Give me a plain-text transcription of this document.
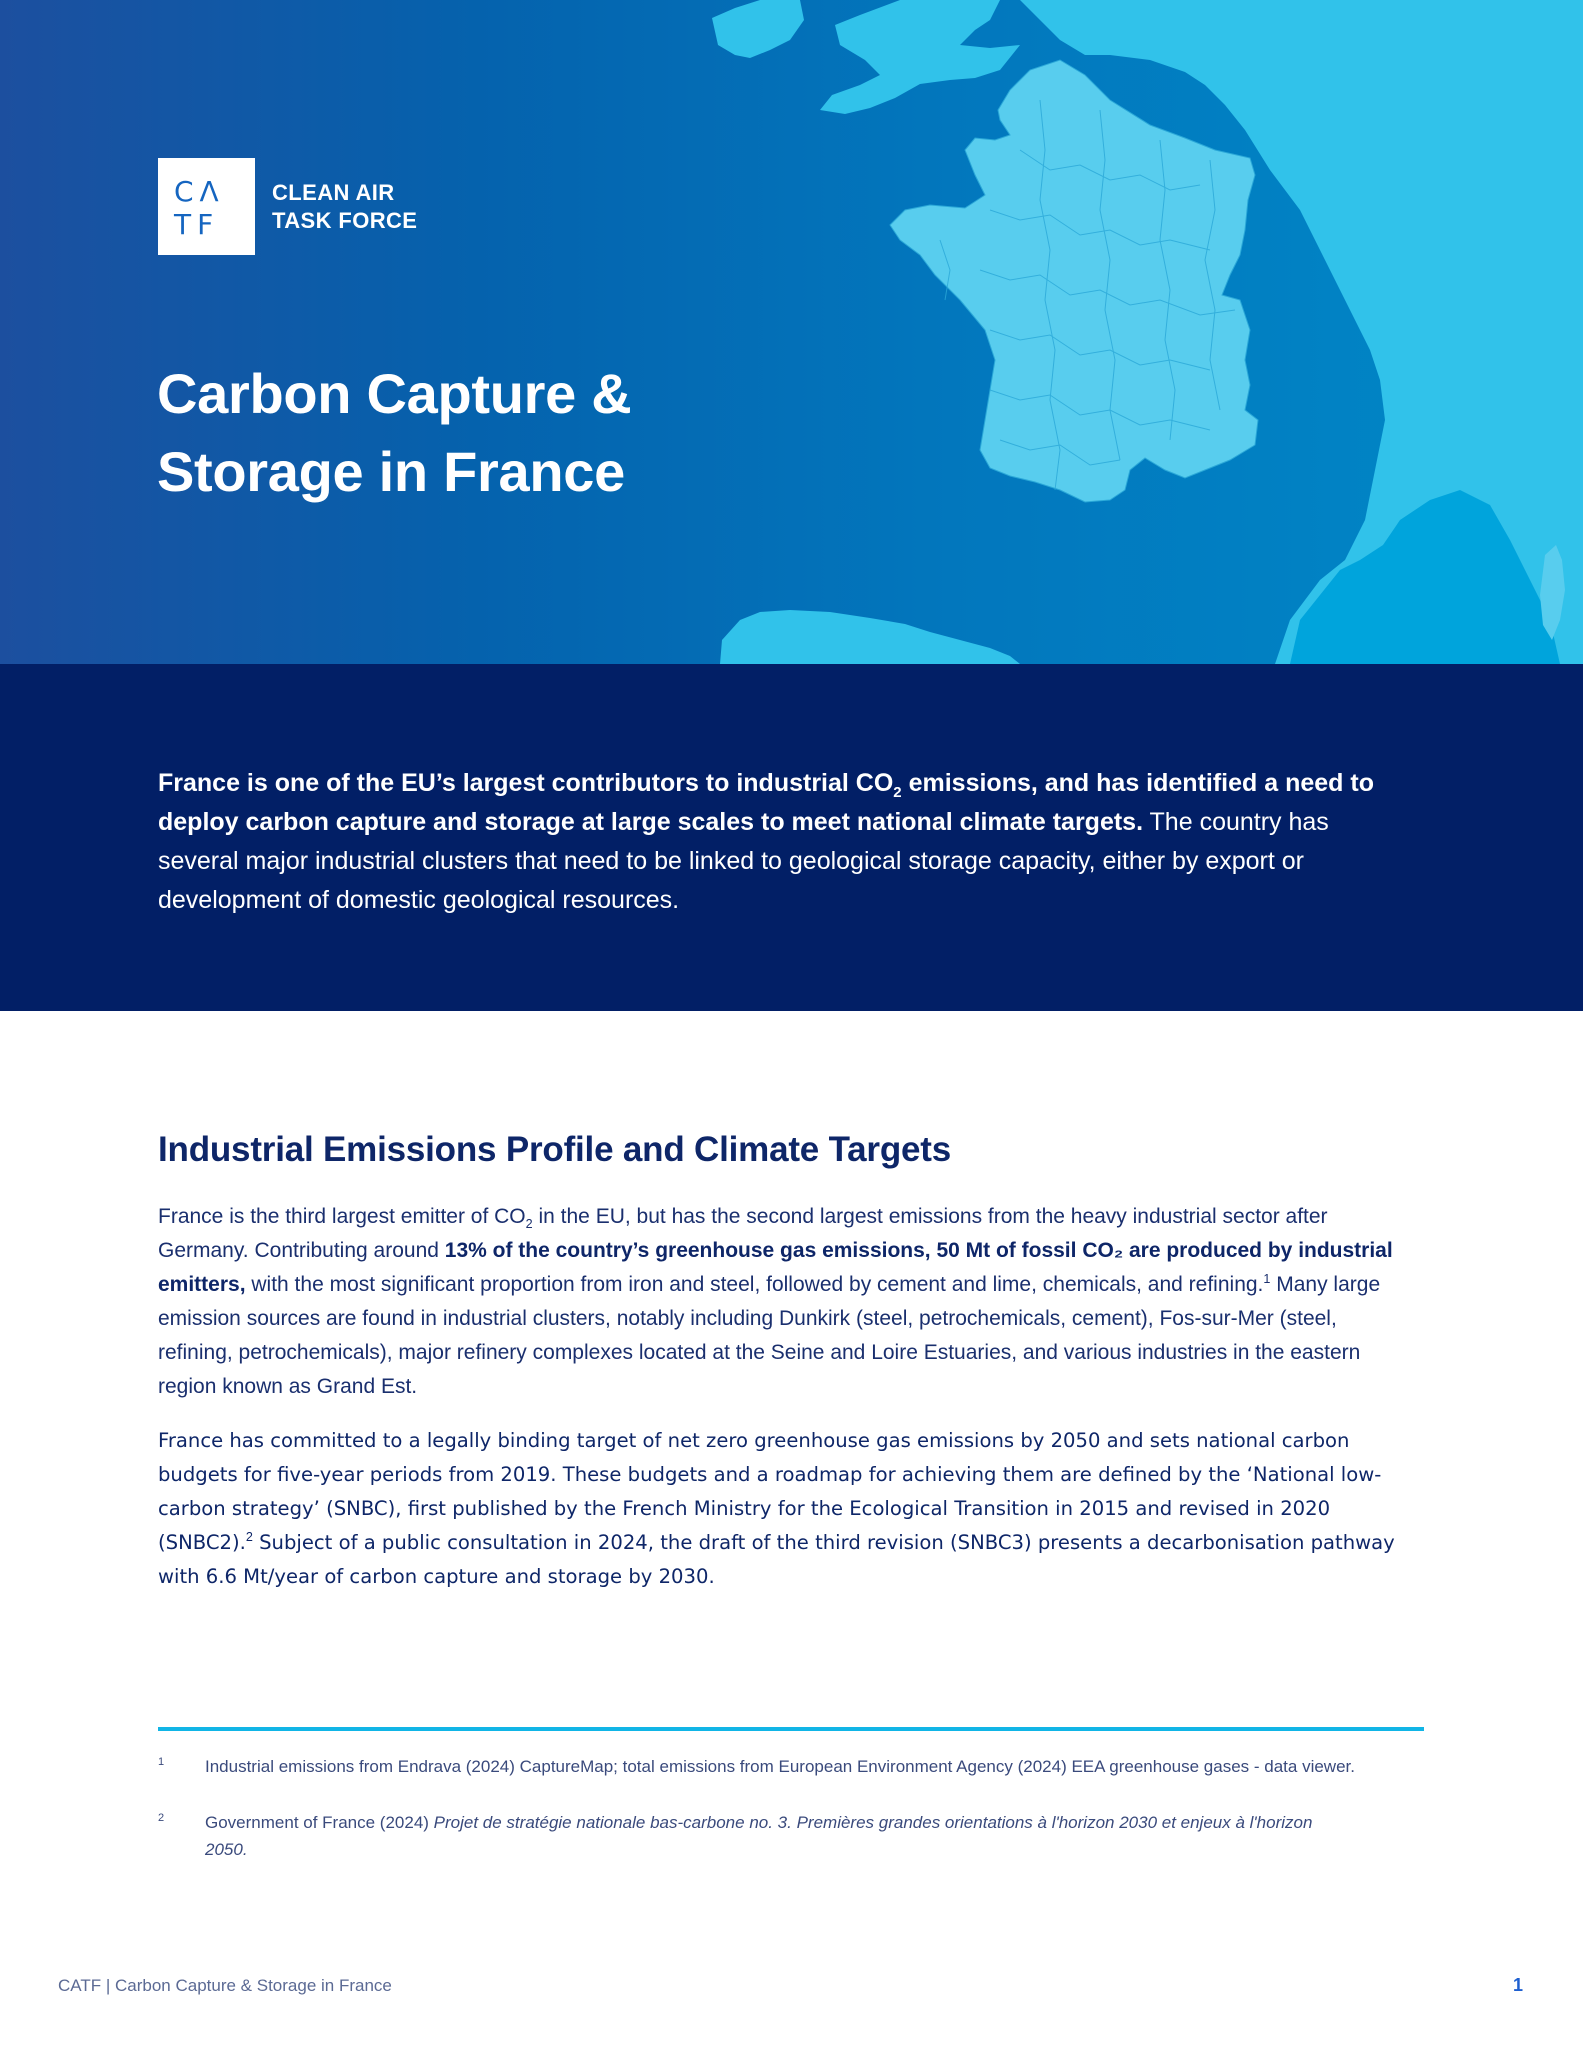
CΛ
TF
CLEAN AIR
TASK FORCE
Carbon Capture &
Storage in France

France is one of the EU’s largest contributors to industrial $CO_2$ emissions, and has identified a need to deploy carbon capture and storage at large scales to meet national climate targets. The country has several major industrial clusters that need to be linked to geological storage capacity, either by export or development of domestic geological resources.

Industrial Emissions Profile and Climate Targets

France is the third largest emitter of $CO_2$ in the EU, but has the second largest emissions from the heavy industrial sector after Germany. Contributing around 13% of the country’s greenhouse gas emissions, 50 Mt of fossil CO₂ are produced by industrial emitters, with the most significant proportion from iron and steel, followed by cement and lime, chemicals, and refining.$^1$ Many large emission sources are found in industrial clusters, notably including Dunkirk (steel, petrochemicals, cement), Fos-sur-Mer (steel, refining, petrochemicals), major refinery complexes located at the Seine and Loire Estuaries, and various industries in the eastern region known as Grand Est.

France has committed to a legally binding target of net zero greenhouse gas emissions by 2050 and sets national carbon budgets for five-year periods from 2019. These budgets and a roadmap for achieving them are defined by the ‘National low-carbon strategy’ (SNBC), first published by the French Ministry for the Ecological Transition in 2015 and revised in 2020 (SNBC2).$^2$ Subject of a public consultation in 2024, the draft of the third revision (SNBC3) presents a decarbonisation pathway with 6.6 Mt/year of carbon capture and storage by 2030.

1 Industrial emissions from Endrava (2024) CaptureMap; total emissions from European Environment Agency (2024) EEA greenhouse gases - data viewer.
2 Government of France (2024) Projet de stratégie nationale bas-carbone no. 3. Premières grandes orientations à l'horizon 2030 et enjeux à l'horizon 2050.
CATF | Carbon Capture & Storage in France	1
